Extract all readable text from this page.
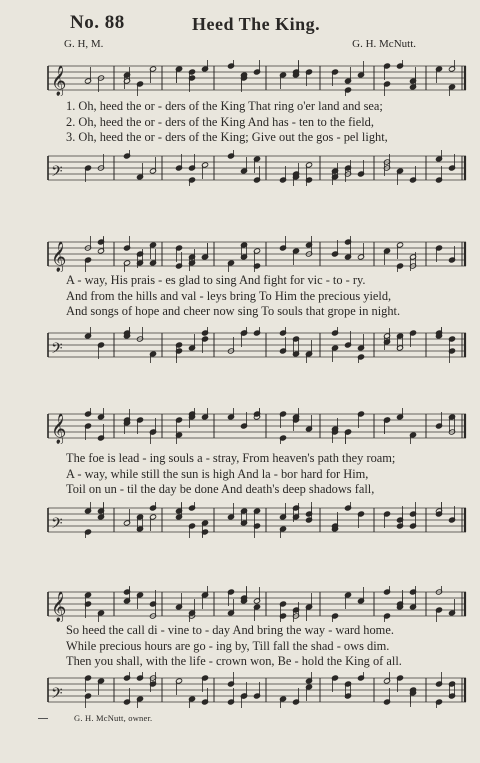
No. 88	Heed The King.
G. H, M.	G. H. McNutt.
𝄞
1. Oh, heed the or - ders of the King That ring o'er land and sea;
2. Oh, heed the or - ders of the King And has - ten to the field,
3. Oh, heed the or - ders of the King; Give out the gos - pel light,
𝄢
𝄞
A - way, His prais - es glad to sing And fight for vic - to - ry.
And from the hills and val - leys bring To Him the precious yield,
And songs of hope and cheer now sing To souls that grope in night.
𝄢
𝄞
The foe is lead - ing souls a - stray, From heaven's path they roam;
A - way, while still the sun is high And la - bor hard for Him,
Toil on un - til the day be done And death's deep shadows fall,
𝄢
𝄞
So heed the call di - vine to - day And bring the way - ward home.
While precious hours are go - ing by, Till fall the shad - ows dim.
Then you shall, with the life - crown won, Be - hold the King of all.
𝄢
G. H. McNutt, owner.
